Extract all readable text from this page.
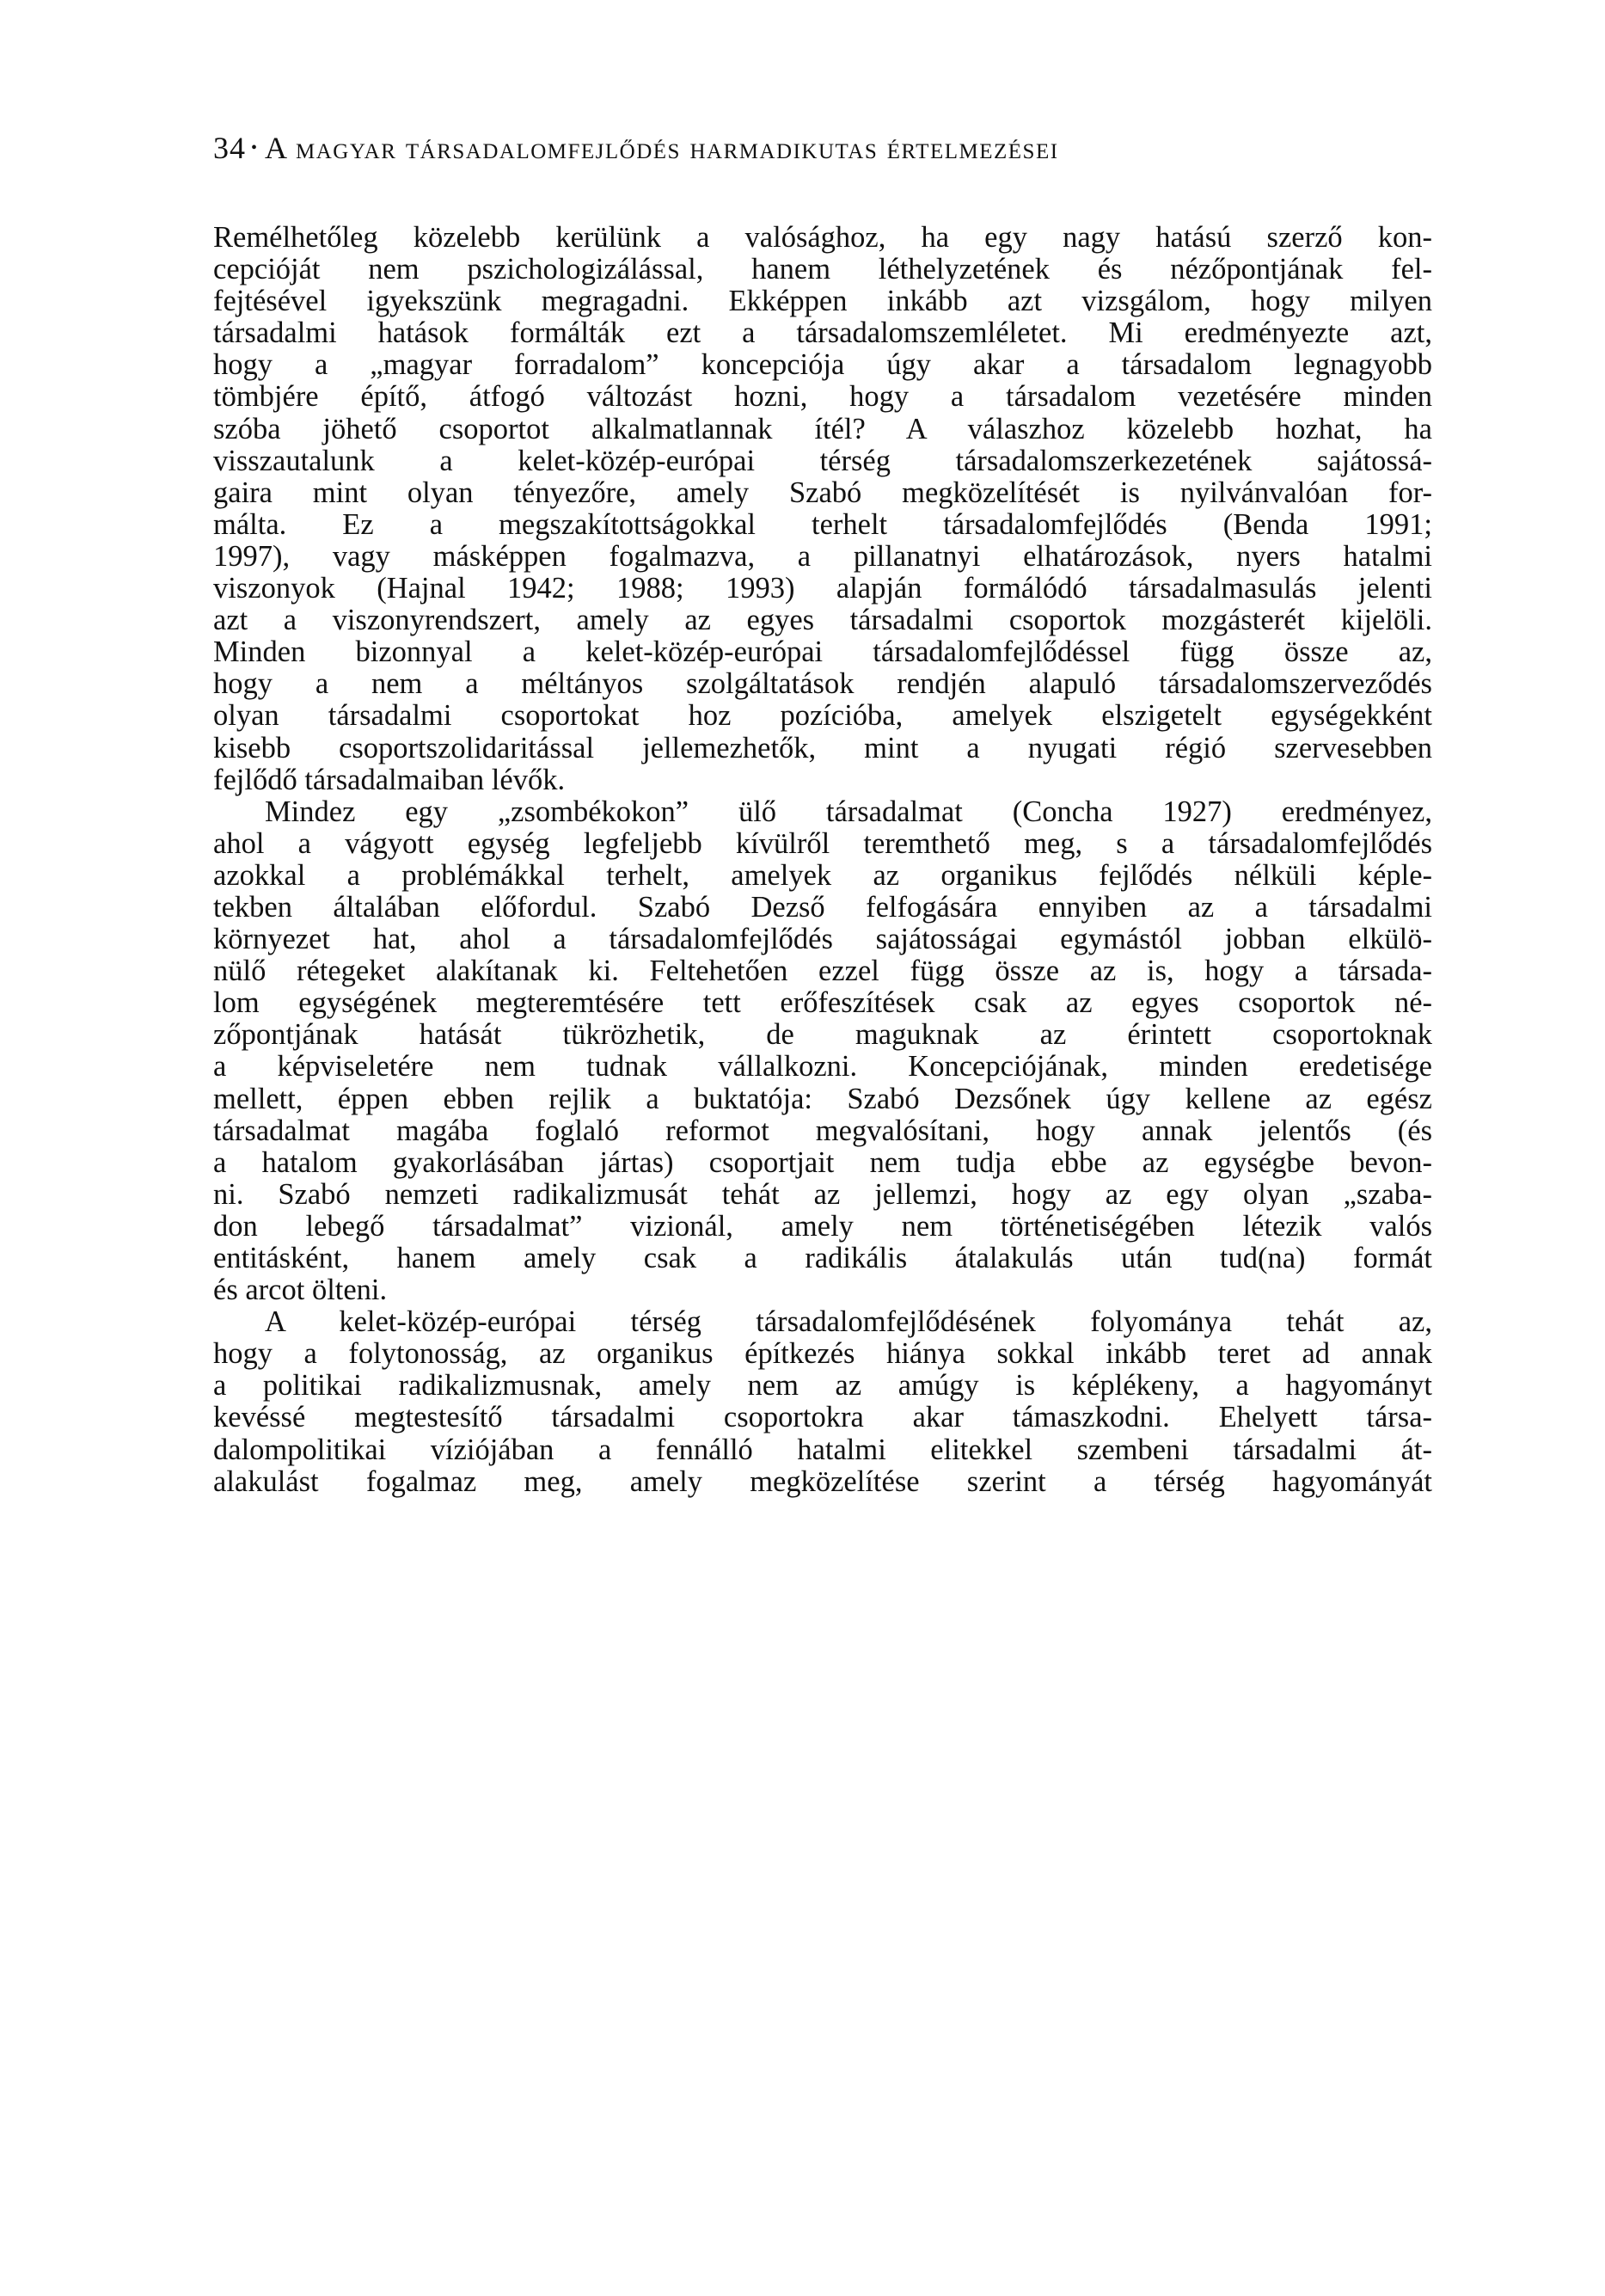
34 • A magyar társadalomfejlődés harmadikutas értelmezései
Remélhetőleg közelebb kerülünk a valósághoz, ha egy nagy hatású szerző kon-
cepcióját nem pszichologizálással, hanem léthelyzetének és nézőpontjának fel-
fejtésével igyekszünk megragadni. Ekképpen inkább azt vizsgálom, hogy milyen
társadalmi hatások formálták ezt a társadalomszemléletet. Mi eredményezte azt,
hogy a „magyar forradalom” koncepciója úgy akar a társadalom legnagyobb
tömbjére építő, átfogó változást hozni, hogy a társadalom vezetésére minden
szóba jöhető csoportot alkalmatlannak ítél? A válaszhoz közelebb hozhat, ha
visszautalunk a kelet-közép-európai térség társadalomszerkezetének sajátossá-
gaira mint olyan tényezőre, amely Szabó megközelítését is nyilvánvalóan for-
málta. Ez a megszakítottságokkal terhelt társadalomfejlődés (Benda 1991;
1997), vagy másképpen fogalmazva, a pillanatnyi elhatározások, nyers hatalmi
viszonyok (Hajnal 1942; 1988; 1993) alapján formálódó társadalmasulás jelenti
azt a viszonyrendszert, amely az egyes társadalmi csoportok mozgásterét kijelöli.
Minden bizonnyal a kelet-közép-európai társadalomfejlődéssel függ össze az,
hogy a nem a méltányos szolgáltatások rendjén alapuló társadalomszerveződés
olyan társadalmi csoportokat hoz pozícióba, amelyek elszigetelt egységekként
kisebb csoportszolidaritással jellemezhetők, mint a nyugati régió szervesebben
fejlődő társadalmaiban lévők.
Mindez egy „zsombékokon” ülő társadalmat (Concha 1927) eredményez,
ahol a vágyott egység legfeljebb kívülről teremthető meg, s a társadalomfejlődés
azokkal a problémákkal terhelt, amelyek az organikus fejlődés nélküli képle-
tekben általában előfordul. Szabó Dezső felfogására ennyiben az a társadalmi
környezet hat, ahol a társadalomfejlődés sajátosságai egymástól jobban elkülö-
nülő rétegeket alakítanak ki. Feltehetően ezzel függ össze az is, hogy a társada-
lom egységének megteremtésére tett erőfeszítések csak az egyes csoportok né-
zőpontjának hatását tükrözhetik, de maguknak az érintett csoportoknak
a képviseletére nem tudnak vállalkozni. Koncepciójának, minden eredetisége
mellett, éppen ebben rejlik a buktatója: Szabó Dezsőnek úgy kellene az egész
társadalmat magába foglaló reformot megvalósítani, hogy annak jelentős (és
a hatalom gyakorlásában jártas) csoportjait nem tudja ebbe az egységbe bevon-
ni. Szabó nemzeti radikalizmusát tehát az jellemzi, hogy az egy olyan „szaba-
don lebegő társadalmat” vizionál, amely nem történetiségében létezik valós
entitásként, hanem amely csak a radikális átalakulás után tud(na) formát
és arcot ölteni.
A kelet-közép-európai térség társadalomfejlődésének folyománya tehát az,
hogy a folytonosság, az organikus építkezés hiánya sokkal inkább teret ad annak
a politikai radikalizmusnak, amely nem az amúgy is képlékeny, a hagyományt
kevéssé megtestesítő társadalmi csoportokra akar támaszkodni. Ehelyett társa-
dalompolitikai víziójában a fennálló hatalmi elitekkel szembeni társadalmi át-
alakulást fogalmaz meg, amely megközelítése szerint a térség hagyományát
